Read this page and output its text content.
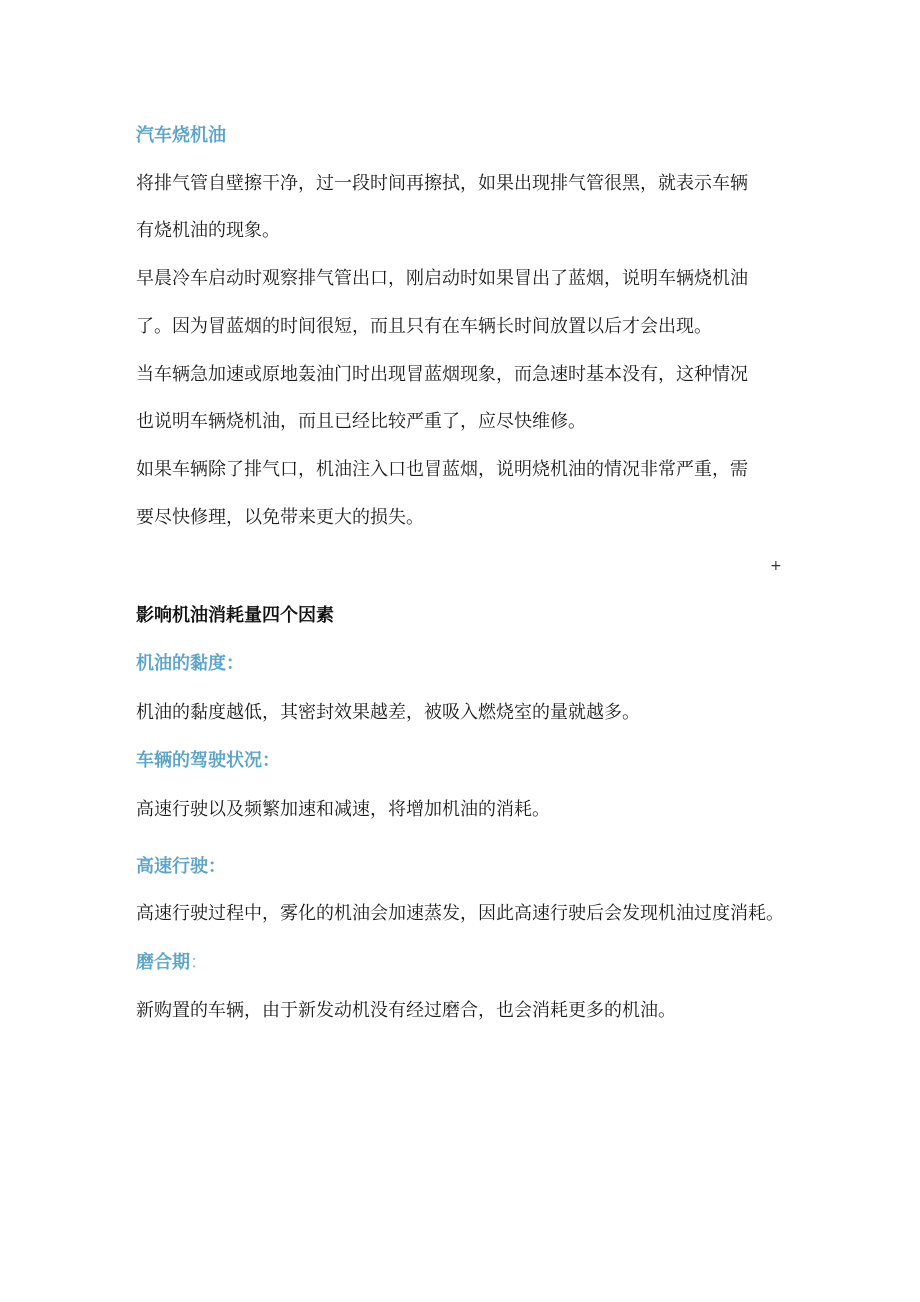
汽车烧机油
将排气管自壁擦干净，过一段时间再擦拭，如果出现排气管很黑，就表示车辆
有烧机油的现象。
早晨冷车启动时观察排气管出口，刚启动时如果冒出了蓝烟，说明车辆烧机油
了。因为冒蓝烟的时间很短，而且只有在车辆长时间放置以后才会出现。
当车辆急加速或原地轰油门时出现冒蓝烟现象，而急速时基本没有，这种情况
也说明车辆烧机油，而且已经比较严重了，应尽快维修。
如果车辆除了排气口，机油注入口也冒蓝烟，说明烧机油的情况非常严重，需
要尽快修理，以免带来更大的损失。
+
影响机油消耗量四个因素
机油的黏度：
机油的黏度越低，其密封效果越差，被吸入燃烧室的量就越多。
车辆的驾驶状况：
高速行驶以及频繁加速和减速，将增加机油的消耗。
高速行驶：
高速行驶过程中，雾化的机油会加速蒸发，因此高速行驶后会发现机油过度消耗。
磨合期：
新购置的车辆，由于新发动机没有经过磨合，也会消耗更多的机油。
